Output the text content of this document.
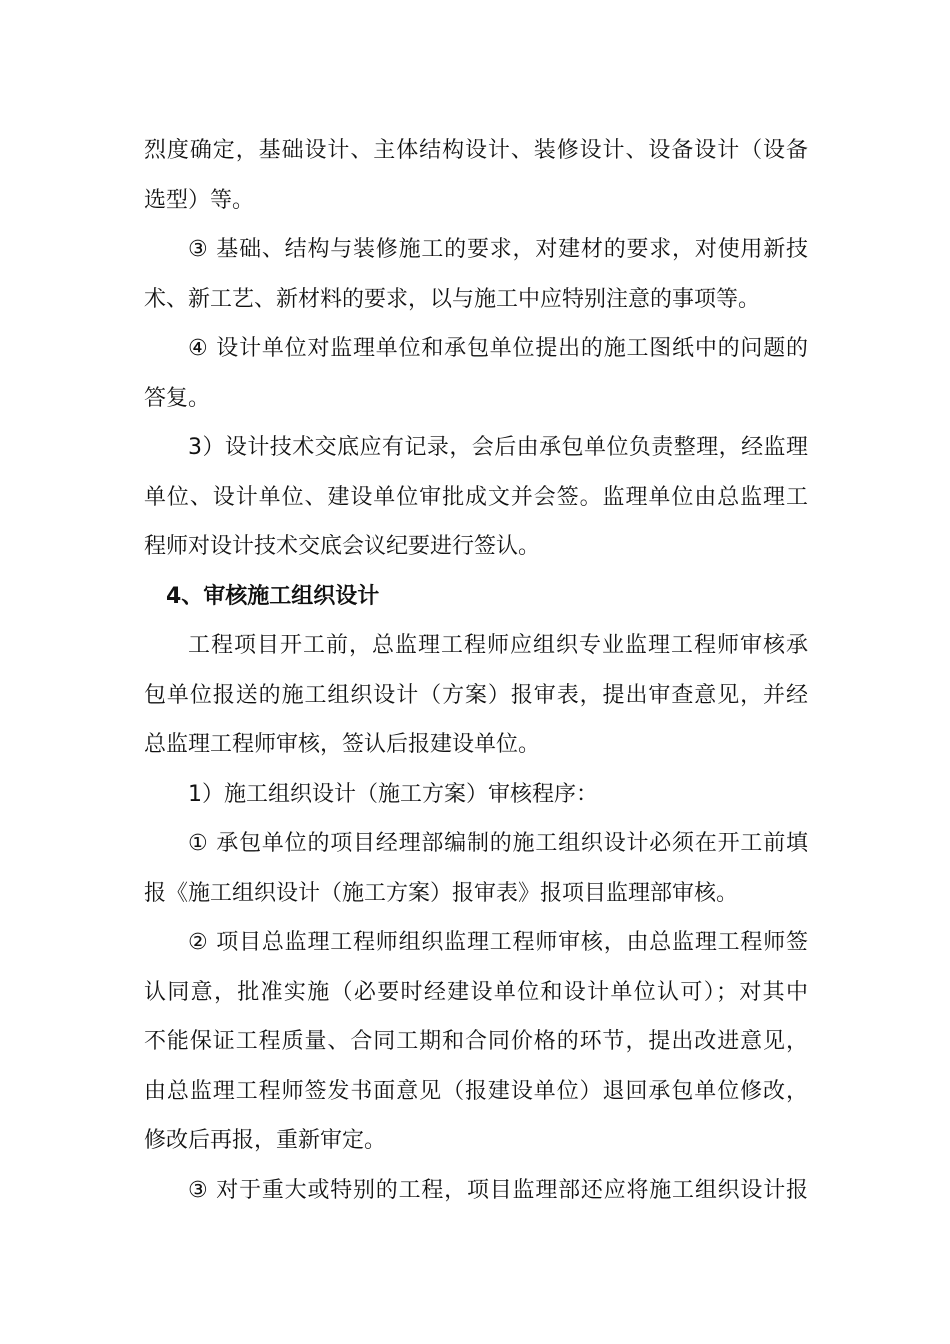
烈度确定，基础设计、主体结构设计、装修设计、设备设计（设备
选型）等。
③ 基础、结构与装修施工的要求，对建材的要求，对使用新技
术、新工艺、新材料的要求，以与施工中应特别注意的事项等。
④ 设计单位对监理单位和承包单位提出的施工图纸中的问题的
答复。
3）设计技术交底应有记录，会后由承包单位负责整理，经监理
单位、设计单位、建设单位审批成文并会签。监理单位由总监理工
程师对设计技术交底会议纪要进行签认。
4、审核施工组织设计
工程项目开工前，总监理工程师应组织专业监理工程师审核承
包单位报送的施工组织设计（方案）报审表，提出审查意见，并经
总监理工程师审核，签认后报建设单位。
1）施工组织设计（施工方案）审核程序：
① 承包单位的项目经理部编制的施工组织设计必须在开工前填
报《施工组织设计（施工方案）报审表》报项目监理部审核。
② 项目总监理工程师组织监理工程师审核，由总监理工程师签
认同意，批准实施（必要时经建设单位和设计单位认可）；对其中
不能保证工程质量、合同工期和合同价格的环节，提出改进意见，
由总监理工程师签发书面意见（报建设单位）退回承包单位修改，
修改后再报，重新审定。
③ 对于重大或特别的工程，项目监理部还应将施工组织设计报
